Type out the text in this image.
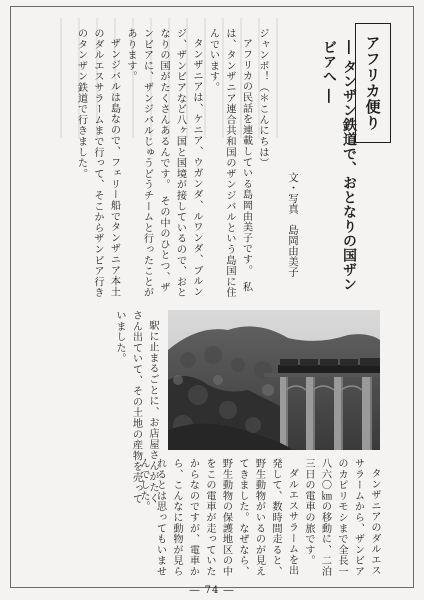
アフリカ便り
― タンザン鉄道で、おとなりの国ザンビアへ ―
文・写真　島岡由美子

ジャンボ！（＊こんにちは）

アフリカの民話を連載している島岡由美子です。　私は、タンザニア連合共和国のザンジバルという島国に住んでいます。

タンザニアは、ケニア、ウガンダ、ルワンダ、ブルンジ、ザンビアなど八ヶ国と国境が接しているので、おとなりの国がたくさんあるんです。　その中のひとつ、ザンビアに、ザンジバルじゅうどうチームと行ったことがあります。

ザンジバルは島なので、フェリー船でタンザニア本土のダルエスサラームまで行って、そこからザンビア行きのタンザン鉄道で行きました。

駅に止まるごとに、お店屋さんがたくさん出ていて、その土地の産物を売っていました。

タンザニアのダルエスサラームから、ザンビアのカピリモシまで全長一八六〇㎞の移動に、二泊三日の電車の旅です。

ダルエスサラームを出発して、数時間走ると、野生動物がいるのが見えてきました。なぜなら、野生動物の保護地区の中をこの電車が走っていたからなのですが、電車から、こんなに動物が見られるとは思ってもいませんでした。

― 74 ―
